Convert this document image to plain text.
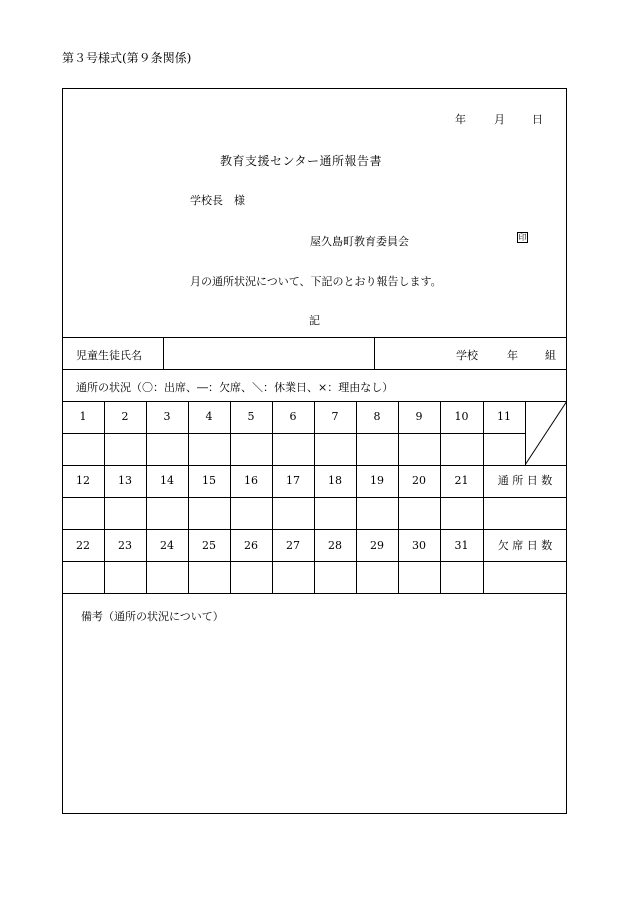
第３号様式(第９条関係)
年	月 日
教育支援センター通所報告書
学校長　様
屋久島町教育委員会	印
月の通所状況について、下記のとおり報告します。
記
児童生徒氏名	学校	年 組
通所の状況（〇：出席、―：欠席、＼：休業日、×：理由なし）
1	2	3	4	5	6	7	8	9	10	11
12	13	14	15	16	17	18	19	20	21	通 所 日 数
22	23	24	25	26	27	28	29	30	31	欠 席 日 数
備考（通所の状況について）
